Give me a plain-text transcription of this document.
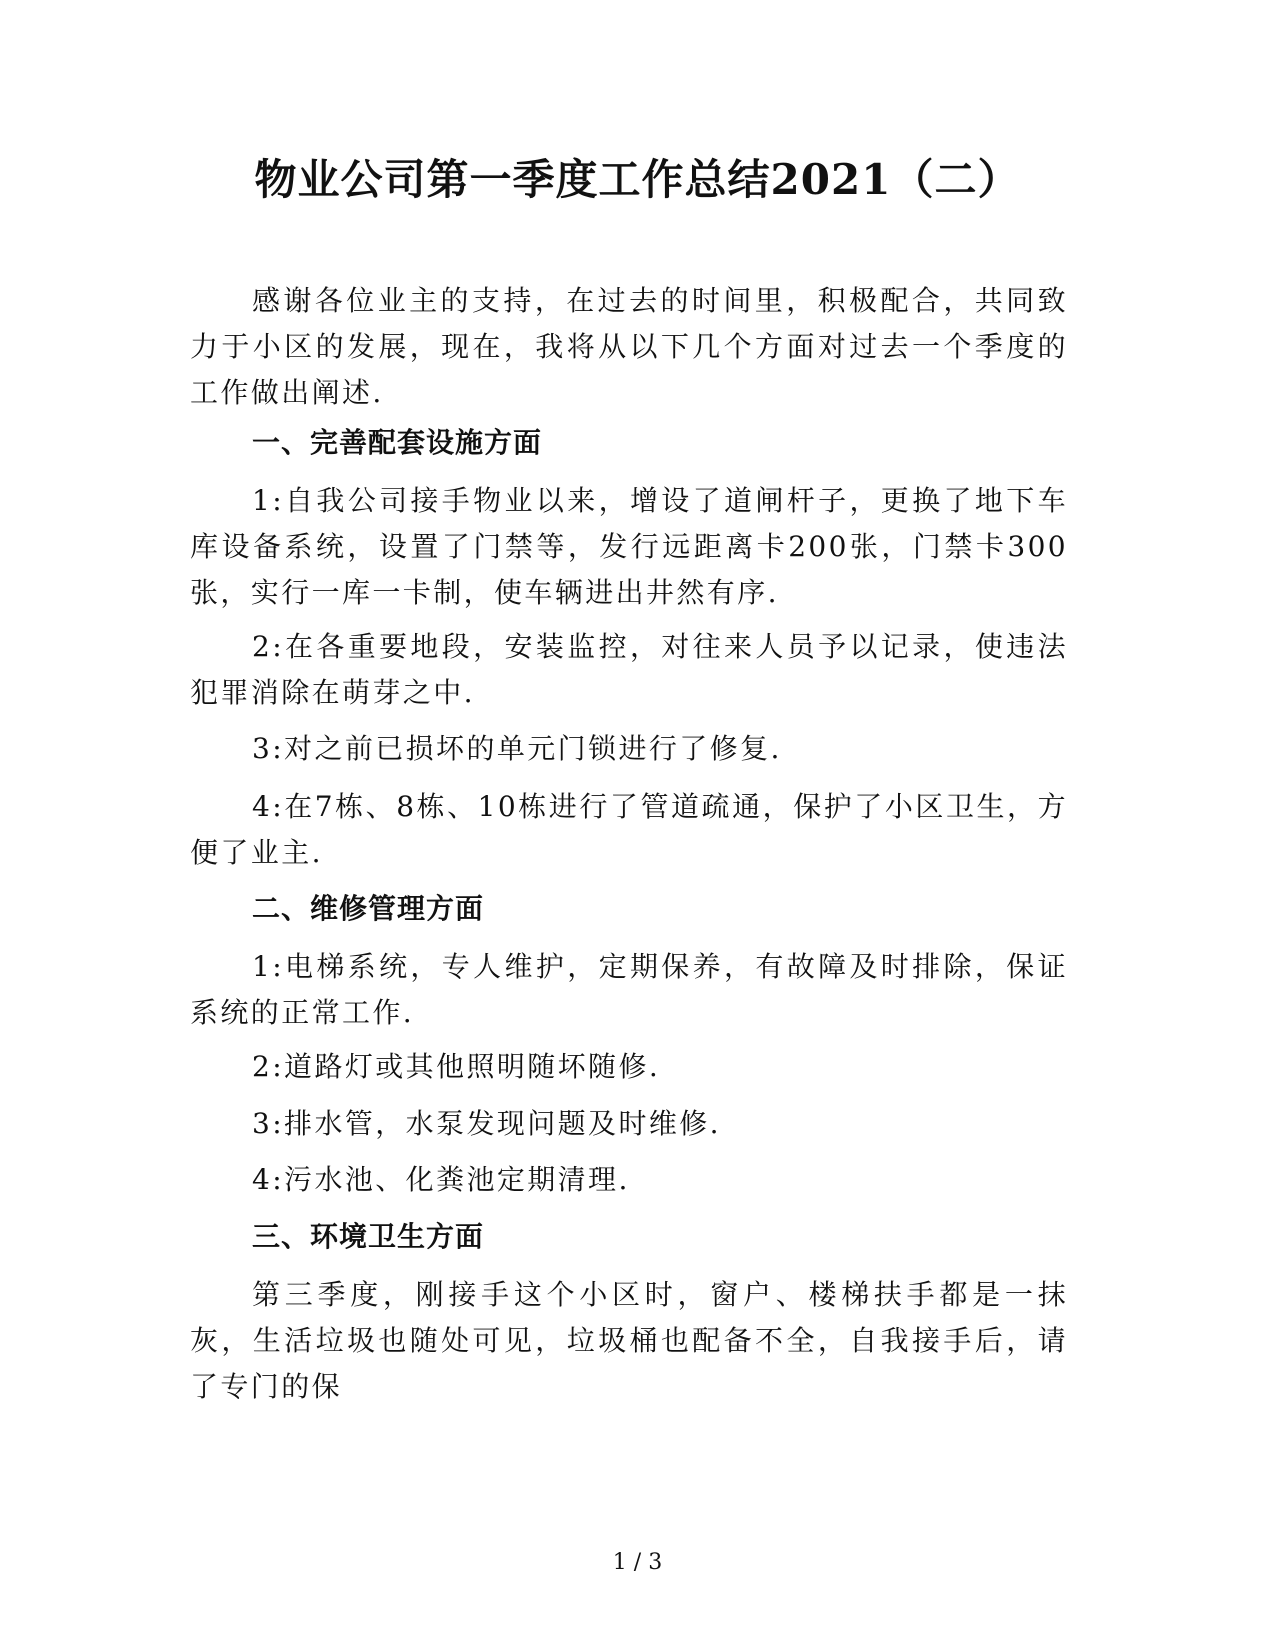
物业公司第一季度工作总结2021（二）

感谢各位业主的支持，在过去的时间里，积极配合，共同致力于小区的发展，现在，我将从以下几个方面对过去一个季度的工作做出阐述.

一、完善配套设施方面

1:自我公司接手物业以来，增设了道闸杆子，更换了地下车库设备系统，设置了门禁等，发行远距离卡200张，门禁卡300张，实行一库一卡制，使车辆进出井然有序.

2:在各重要地段，安装监控，对往来人员予以记录，使违法犯罪消除在萌芽之中.

3:对之前已损坏的单元门锁进行了修复.

4:在7栋、8栋、10栋进行了管道疏通，保护了小区卫生，方便了业主.

二、维修管理方面

1:电梯系统，专人维护，定期保养，有故障及时排除，保证系统的正常工作.

2:道路灯或其他照明随坏随修.

3:排水管，水泵发现问题及时维修.

4:污水池、化粪池定期清理.

三、环境卫生方面

第三季度，刚接手这个小区时，窗户、楼梯扶手都是一抹灰，生活垃圾也随处可见，垃圾桶也配备不全，自我接手后，请了专门的保

1 / 3
